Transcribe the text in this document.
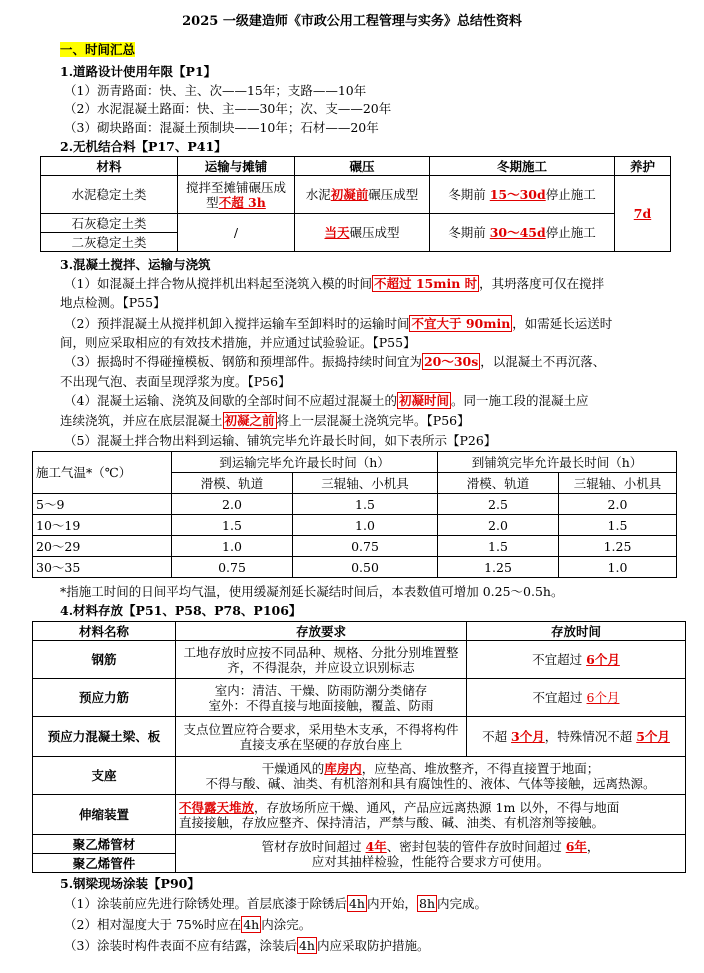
2025 一级建造师《市政公用工程管理与实务》总结性资料
一、时间汇总
1.道路设计使用年限【P1】
（1）沥青路面：快、主、次——15年；支路——10年
（2）水泥混凝土路面：快、主——30年；次、支——20年
（3）砌块路面：混凝土预制块——10年；石材——20年
2.无机结合料【P17、P41】
材料	运输与摊铺	碾压	冬期施工	养护
水泥稳定土类	搅拌至摊铺碾压成型不超 3h	水泥初凝前碾压成型	冬期前 15～30d停止施工	7d
石灰稳定土类	/	当天碾压成型	冬期前 30～45d停止施工	
二灰稳定土类				
3.混凝土搅拌、运输与浇筑
（1）如混凝土拌合物从搅拌机出料起至浇筑入模的时间 不超过 15min 时 ，其坍落度可仅在搅拌
地点检测。【P55】
（2）预拌混凝土从搅拌机卸入搅拌运输车至卸料时的运输时间 不宜大于 90min ，如需延长运送时
间，则应采取相应的有效技术措施，并应通过试验验证。【P55】
（3）振捣时不得碰撞模板、钢筋和预埋部件。振捣持续时间宜为 20～30s ，以混凝土不再沉落、
不出现气泡、表面呈现浮浆为度。【P56】
（4）混凝土运输、浇筑及间歇的全部时间不应超过混凝土的 初凝时间 。同一施工段的混凝土应
连续浇筑，并应在底层混凝土 初凝之前 将上一层混凝土浇筑完毕。【P56】
（5）混凝土拌合物出料到运输、铺筑完毕允许最长时间，如下表所示【P26】
施工气温*（℃）	到运输完毕允许最长时间（h）		到铺筑完毕允许最长时间（h）	
	滑模、轨道	三辊轴、小机具	滑模、轨道	三辊轴、小机具
5～9	2.0	1.5	2.5	2.0
10～19	1.5	1.0	2.0	1.5
20～29	1.0	0.75	1.5	1.25
30～35	0.75	0.50	1.25	1.0
*指施工时间的日间平均气温，使用缓凝剂延长凝结时间后，本表数值可增加 0.25～0.5h。
4.材料存放【P51、P58、P78、P106】
材料名称	存放要求	存放时间
钢筋	工地存放时应按不同品种、规格、分批分别堆置整齐，不得混杂，并应设立识别标志	不宜超过 6个月
预应力筋	室内：清洁、干燥、防雨防潮分类储存
室外：不得直接与地面接触，覆盖、防雨	不宜超过 6个月
预应力混凝土梁、板	支点位置应符合要求，采用垫木支承，不得将构件直接支承在坚硬的存放台座上	不超 3个月，特殊情况不超 5个月
支座	干燥通风的库房内，应垫高、堆放整齐，不得直接置于地面；
不得与酸、碱、油类、有机溶剂和具有腐蚀性的、液体、气体等接触，远离热源。	

伸缩装置	不得露天堆放，存放场所应干燥、通风，产品应远离热源 1m 以外，不得与地面
直接接触，存放应整齐、保持清洁，严禁与酸、碱、油类、有机溶剂等接触。	

聚乙烯管材	管材存放时间超过 4年、密封包装的管件存放时间超过 6年，
应对其抽样检验，性能符合要求方可使用。	

聚乙烯管件		
5.钢梁现场涂装【P90】
（1）涂装前应先进行除锈处理。首层底漆于除锈后 4h 内开始， 8h 内完成。
（2）相对湿度大于 75%时应在 4h 内涂完。
（3）涂装时构件表面不应有结露，涂装后 4h 内应采取防护措施。
